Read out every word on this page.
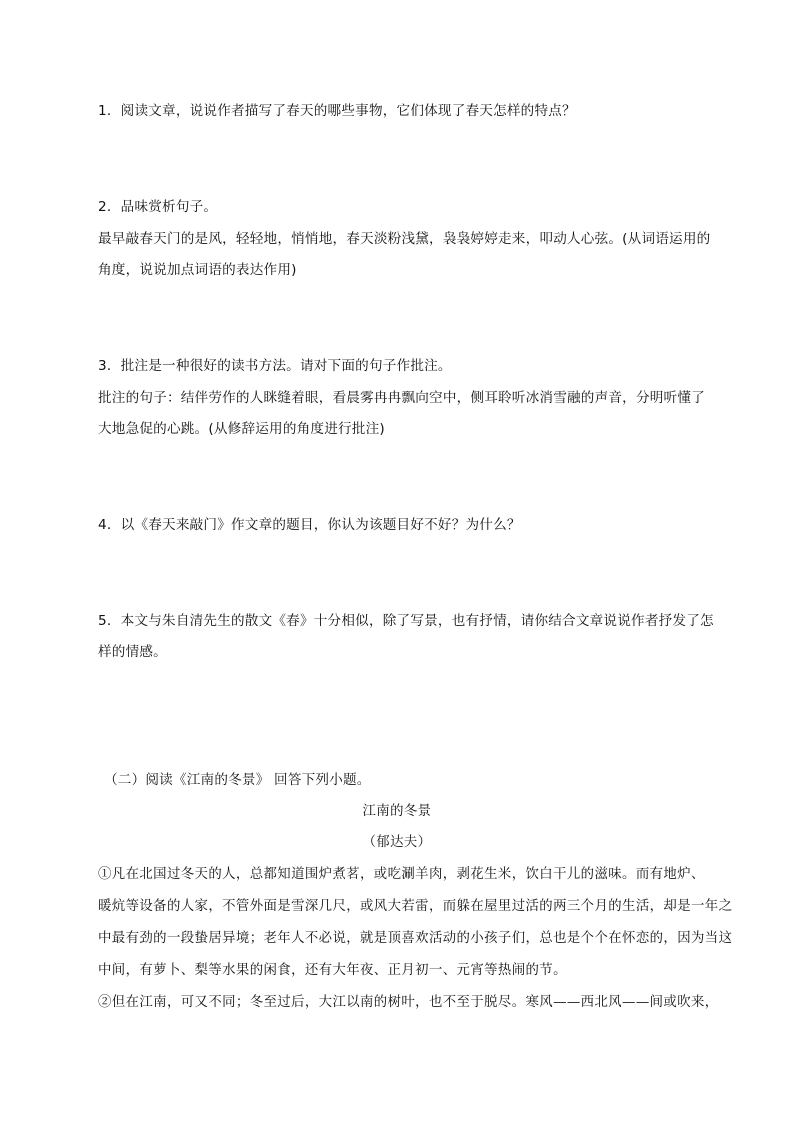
1．阅读文章，说说作者描写了春天的哪些事物，它们体现了春天怎样的特点？
2．品味赏析句子。
最早敲春天门的是风，轻轻地，悄悄地，春天淡粉浅黛，袅袅婷婷走来，叩动人心弦。(从词语运用的
角度，说说加点词语的表达作用)
3．批注是一种很好的读书方法。请对下面的句子作批注。
批注的句子：结伴劳作的人眯缝着眼，看晨雾冉冉飘向空中，侧耳聆听冰消雪融的声音，分明听懂了
大地急促的心跳。(从修辞运用的角度进行批注)
4．以《春天来敲门》作文章的题目，你认为该题目好不好？为什么？
5．本文与朱自清先生的散文《春》十分相似，除了写景，也有抒情，请你结合文章说说作者抒发了怎
样的情感。
（二）阅读《江南的冬景》 回答下列小题。
江南的冬景
（郁达夫）
①凡在北国过冬天的人，总都知道围炉煮茗，或吃涮羊肉，剥花生米，饮白干儿的滋味。而有地炉、
暖炕等设备的人家，不管外面是雪深几尺，或风大若雷，而躲在屋里过活的两三个月的生活，却是一年之
中最有劲的一段蛰居异境；老年人不必说，就是顶喜欢活动的小孩子们，总也是个个在怀恋的，因为当这
中间，有萝卜、梨等水果的闲食，还有大年夜、正月初一、元宵等热闹的节。
②但在江南，可又不同；冬至过后，大江以南的树叶，也不至于脱尽。寒风——西北风——间或吹来，
